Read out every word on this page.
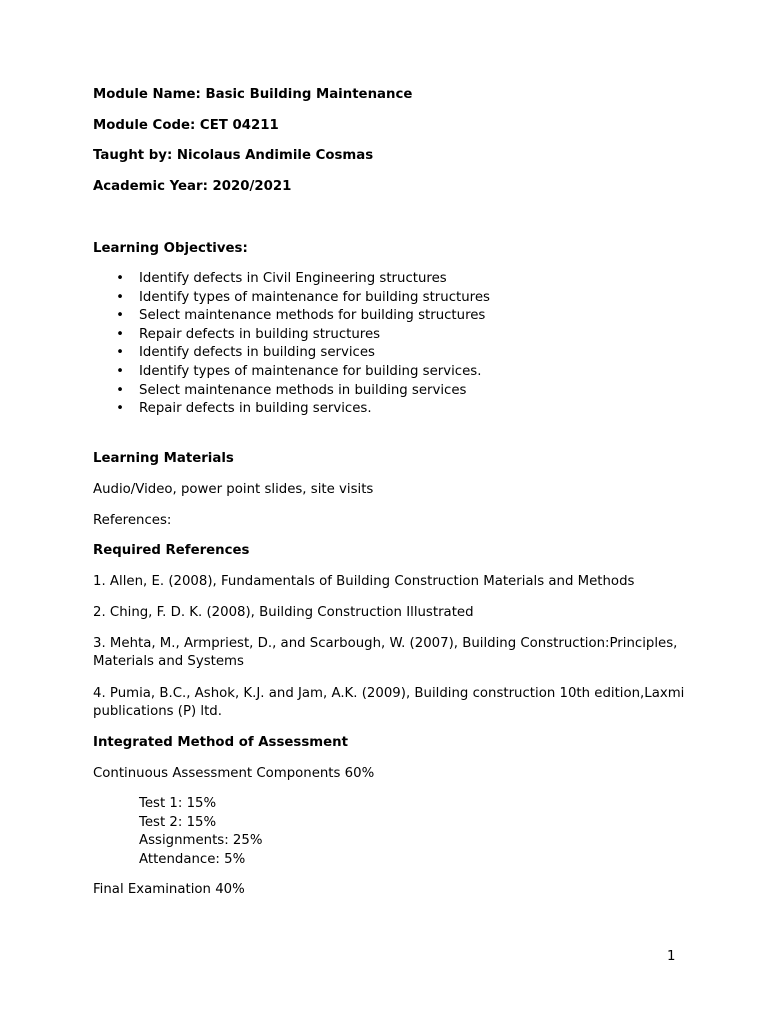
Module Name: Basic Building Maintenance
Module Code: CET 04211
Taught by: Nicolaus Andimile Cosmas
Academic Year: 2020/2021
Learning Objectives:
• Identify defects in Civil Engineering structures
• Identify types of maintenance for building structures
• Select maintenance methods for building structures
• Repair defects in building structures
• Identify defects in building services
• Identify types of maintenance for building services.
• Select maintenance methods in building services
• Repair defects in building services.
Learning Materials
Audio/Video, power point slides, site visits
References:
Required References
1. Allen, E. (2008), Fundamentals of Building Construction Materials and Methods
2. Ching, F. D. K. (2008), Building Construction Illustrated
3. Mehta, M., Armpriest, D., and Scarbough, W. (2007), Building Construction:Principles,
Materials and Systems
4. Pumia, B.C., Ashok, K.J. and Jam, A.K. (2009), Building construction 10th edition,Laxmi
publications (P) ltd.
Integrated Method of Assessment
Continuous Assessment Components 60%
Test 1: 15%
Test 2: 15%
Assignments: 25%
Attendance: 5%
Final Examination 40%
1
